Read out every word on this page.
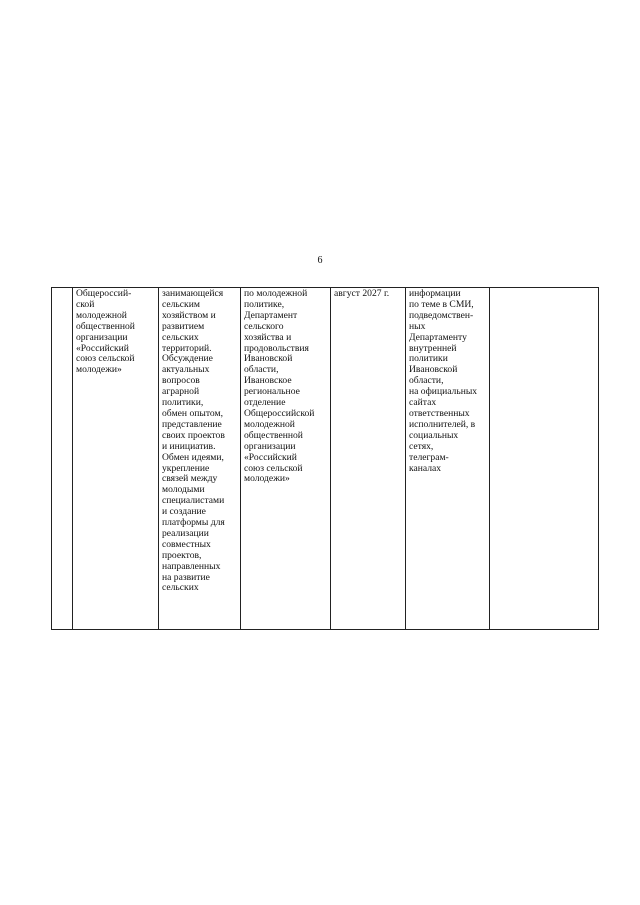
6
	Общероссий-
ской
молодежной
общественной
организации
«Российский
союз сельской
молодежи»	занимающейся
сельским
хозяйством и
развитием
сельских
территорий.
Обсуждение
актуальных
вопросов
аграрной
политики,
обмен опытом,
представление
своих проектов
и инициатив.
Обмен идеями,
укрепление
связей между
молодыми
специалистами
и создание
платформы для
реализации
совместных
проектов,
направленных
на развитие
сельских	по молодежной
политике,
Департамент
сельского
хозяйства и
продовольствия
Ивановской
области,
Ивановское
региональное
отделение
Общероссийской
молодежной
общественной
организации
«Российский
союз сельской
молодежи»	август 2027 г.	информации
по теме в СМИ,
подведомствен-
ных
Департаменту
внутренней
политики
Ивановской
области,
на официальных
сайтах
ответственных
исполнителей, в
социальных
сетях,
телеграм-
каналах	
